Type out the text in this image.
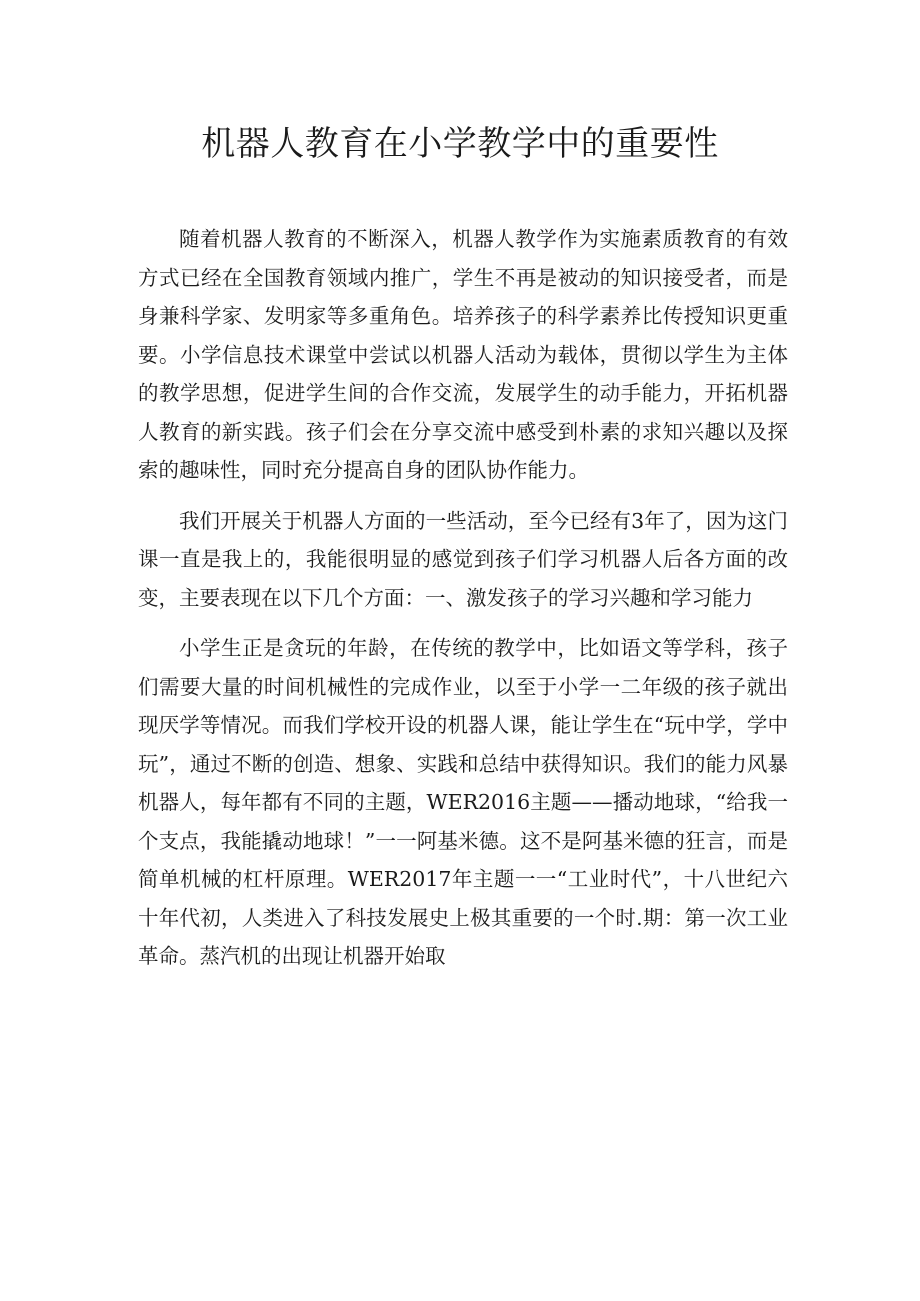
机器人教育在小学教学中的重要性

随着机器人教育的不断深入，机器人教学作为实施素质教育的有效方式已经在全国教育领域内推广，学生不再是被动的知识接受者，而是身兼科学家、发明家等多重角色。培养孩子的科学素养比传授知识更重要。小学信息技术课堂中尝试以机器人活动为载体，贯彻以学生为主体的教学思想，促进学生间的合作交流，发展学生的动手能力，开拓机器人教育的新实践。孩子们会在分享交流中感受到朴素的求知兴趣以及探索的趣味性，同时充分提高自身的团队协作能力。

我们开展关于机器人方面的一些活动，至今已经有3年了，因为这门课一直是我上的，我能很明显的感觉到孩子们学习机器人后各方面的改变，主要表现在以下几个方面：一、激发孩子的学习兴趣和学习能力

小学生正是贪玩的年龄，在传统的教学中，比如语文等学科，孩子们需要大量的时间机械性的完成作业，以至于小学一二年级的孩子就出现厌学等情况。而我们学校开设的机器人课，能让学生在“玩中学，学中玩”，通过不断的创造、想象、实践和总结中获得知识。我们的能力风暴机器人，每年都有不同的主题，WER2016主题——播动地球，“给我一个支点，我能撬动地球！”一一阿基米德。这不是阿基米德的狂言，而是简单机械的杠杆原理。WER2017年主题一一“工业时代”，十八世纪六十年代初，人类进入了科技发展史上极其重要的一个时.期：第一次工业革命。蒸汽机的出现让机器开始取
